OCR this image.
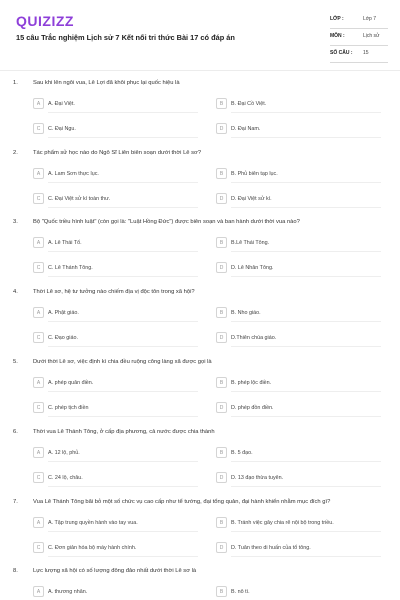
QUIZIZZ
15 câu Trắc nghiệm Lịch sử 7 Kết nối tri thức Bài 17 có đáp án
LỚP :	Lớp 7
MÔN :	Lịch sử
SỐ CÂU : 15
1.	Sau khi lên ngôi vua, Lê Lợi đã khôi phục lại quốc hiệu là
A	A. Đại Việt.	B	B. Đại Cồ Việt.
C	C. Đại Ngu.	D	D. Đại Nam.
2.	Tác phẩm sử học nào do Ngô Sĩ Liên biên soạn dưới thời Lê sơ?
A	A. Lam Sơn thực lục.	B	B. Phủ biên tạp lục.
C	C. Đại Việt sử kí toàn thư.	D	D. Đại Việt sử kí.
3.	Bộ "Quốc triều hình luật" (còn gọi là: "Luật Hồng Đức") được biên soạn và ban hành dưới thời vua nào?
A	A. Lê Thái Tổ.	B	B.Lê Thái Tông.
C	C. Lê Thánh Tông.	D	D. Lê Nhân Tông.
4.	Thời Lê sơ, hệ tư tưởng nào chiếm địa vị độc tôn trong xã hội?
A	A. Phật giáo.	B	B. Nho giáo.
C	C. Đạo giáo.	D	D.Thiên chúa giáo.
5.	Dưới thời Lê sơ, việc định kì chia đều ruộng công làng xã được gọi là
A	A. phép quân điền.	B	B. phép lộc điền.
C	C. phép tịch điền	D	D. phép đồn điền.
6.	Thời vua Lê Thánh Tông, ở cấp địa phương, cả nước được chia thành
A	A. 12 lộ, phủ.	B	B. 5 đạo.
C	C. 24 lộ, châu.	D	D. 13 đạo thừa tuyên.
7.	Vua Lê Thánh Tông bãi bỏ một số chức vụ cao cấp như tể tướng, đại tổng quản, đại hành khiển nhằm mục đích gì?
A	A. Tập trung quyền hành vào tay vua.	B	B. Tránh việc gây chia rẽ nội bộ trong triều.
C	C. Đơn giản hóa bộ máy hành chính.	D	D. Tuân theo di huấn của tổ tông.
8.	Lực lượng xã hội có số lượng đông đảo nhất dưới thời Lê sơ là
A	A. thương nhân.	B	B. nô tì.
